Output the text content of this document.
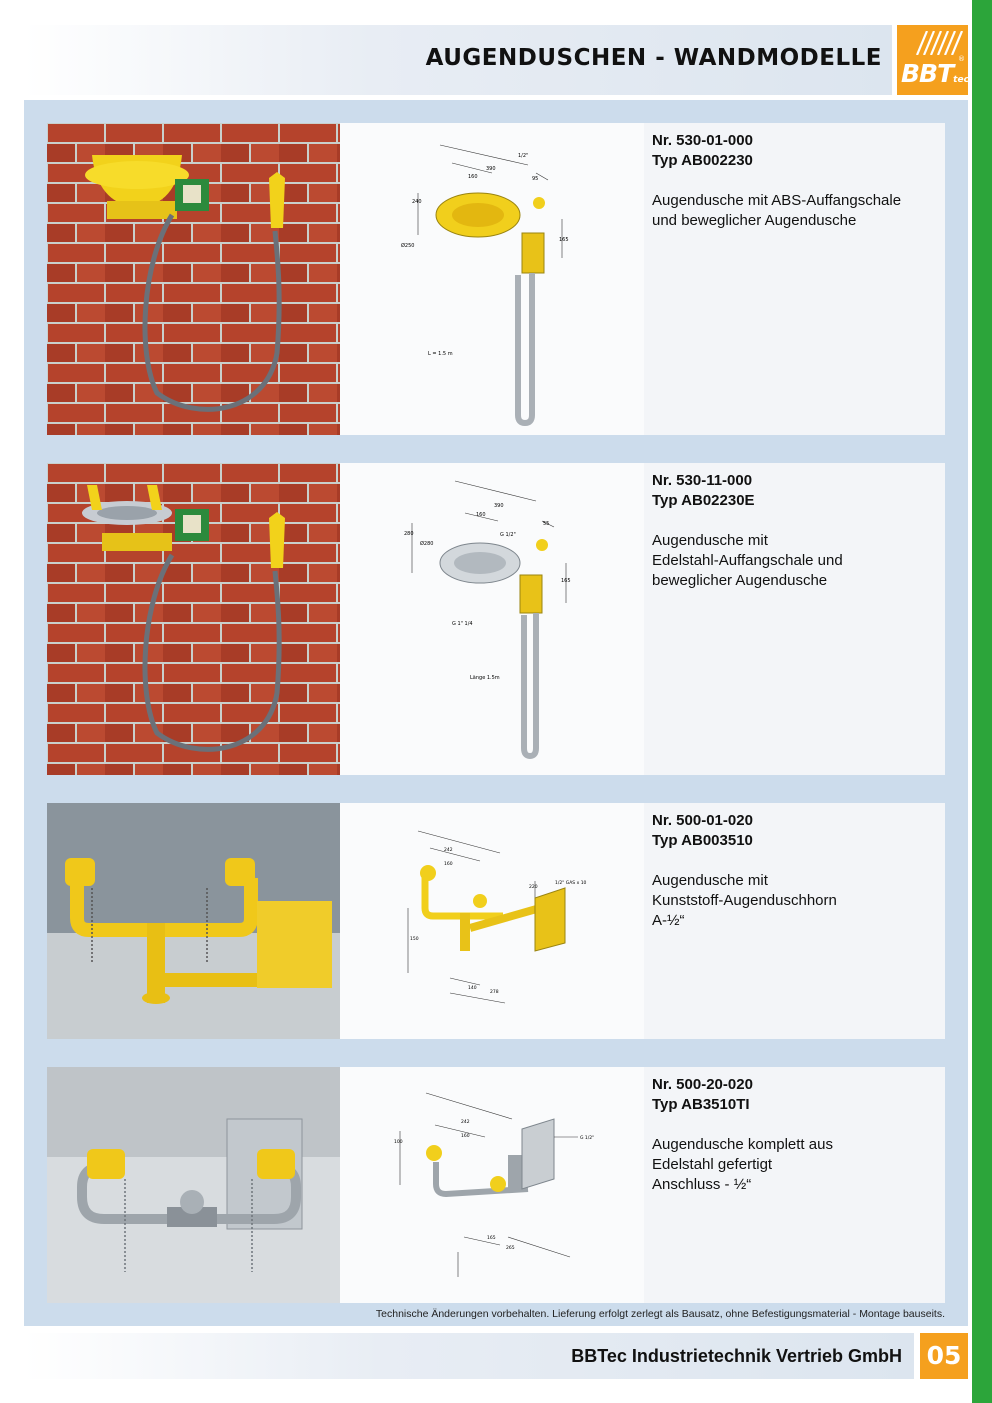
AUGENDUSCHEN - WANDMODELLE
BBTtec
®
390
160
1/2"
95
240
Ø250
165
L = 1.5 m
Nr. 530-01-000
Typ AB002230
Augendusche mit ABS-Auffangschale
und beweglicher Augendusche
390
160
G 1/2"
55
280
Ø280
165
G 1" 1/4
Länge 1.5m
Nr. 530-11-000
Typ AB02230E
Augendusche mit
Edelstahl-Auffangschale und
beweglicher Augendusche
242
160
1/2" GAS x 10
220
150
140
278
Nr. 500-01-020
Typ AB003510
Augendusche mit
Kunststoff-Augenduschhorn
A-½“
242
160	G 1/2"
100
165
265
Nr. 500-20-020
Typ AB3510TI
Augendusche komplett aus
Edelstahl gefertigt
Anschluss - ½“
Technische Änderungen vorbehalten. Lieferung erfolgt zerlegt als Bausatz, ohne Befestigungsmaterial - Montage bauseits.
BBTec Industrietechnik Vertrieb GmbH 05
